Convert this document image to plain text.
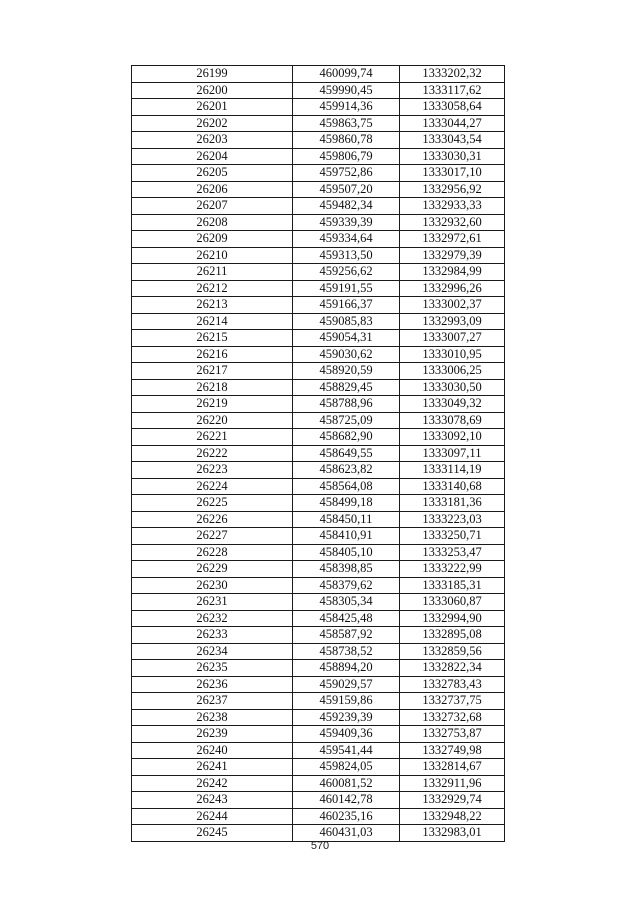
26199	460099,74	1333202,32
26200	459990,45	1333117,62
26201	459914,36	1333058,64
26202	459863,75	1333044,27
26203	459860,78	1333043,54
26204	459806,79	1333030,31
26205	459752,86	1333017,10
26206	459507,20	1332956,92
26207	459482,34	1332933,33
26208	459339,39	1332932,60
26209	459334,64	1332972,61
26210	459313,50	1332979,39
26211	459256,62	1332984,99
26212	459191,55	1332996,26
26213	459166,37	1333002,37
26214	459085,83	1332993,09
26215	459054,31	1333007,27
26216	459030,62	1333010,95
26217	458920,59	1333006,25
26218	458829,45	1333030,50
26219	458788,96	1333049,32
26220	458725,09	1333078,69
26221	458682,90	1333092,10
26222	458649,55	1333097,11
26223	458623,82	1333114,19
26224	458564,08	1333140,68
26225	458499,18	1333181,36
26226	458450,11	1333223,03
26227	458410,91	1333250,71
26228	458405,10	1333253,47
26229	458398,85	1333222,99
26230	458379,62	1333185,31
26231	458305,34	1333060,87
26232	458425,48	1332994,90
26233	458587,92	1332895,08
26234	458738,52	1332859,56
26235	458894,20	1332822,34
26236	459029,57	1332783,43
26237	459159,86	1332737,75
26238	459239,39	1332732,68
26239	459409,36	1332753,87
26240	459541,44	1332749,98
26241	459824,05	1332814,67
26242	460081,52	1332911,96
26243	460142,78	1332929,74
26244	460235,16	1332948,22
26245	460431,03	1332983,01
570
